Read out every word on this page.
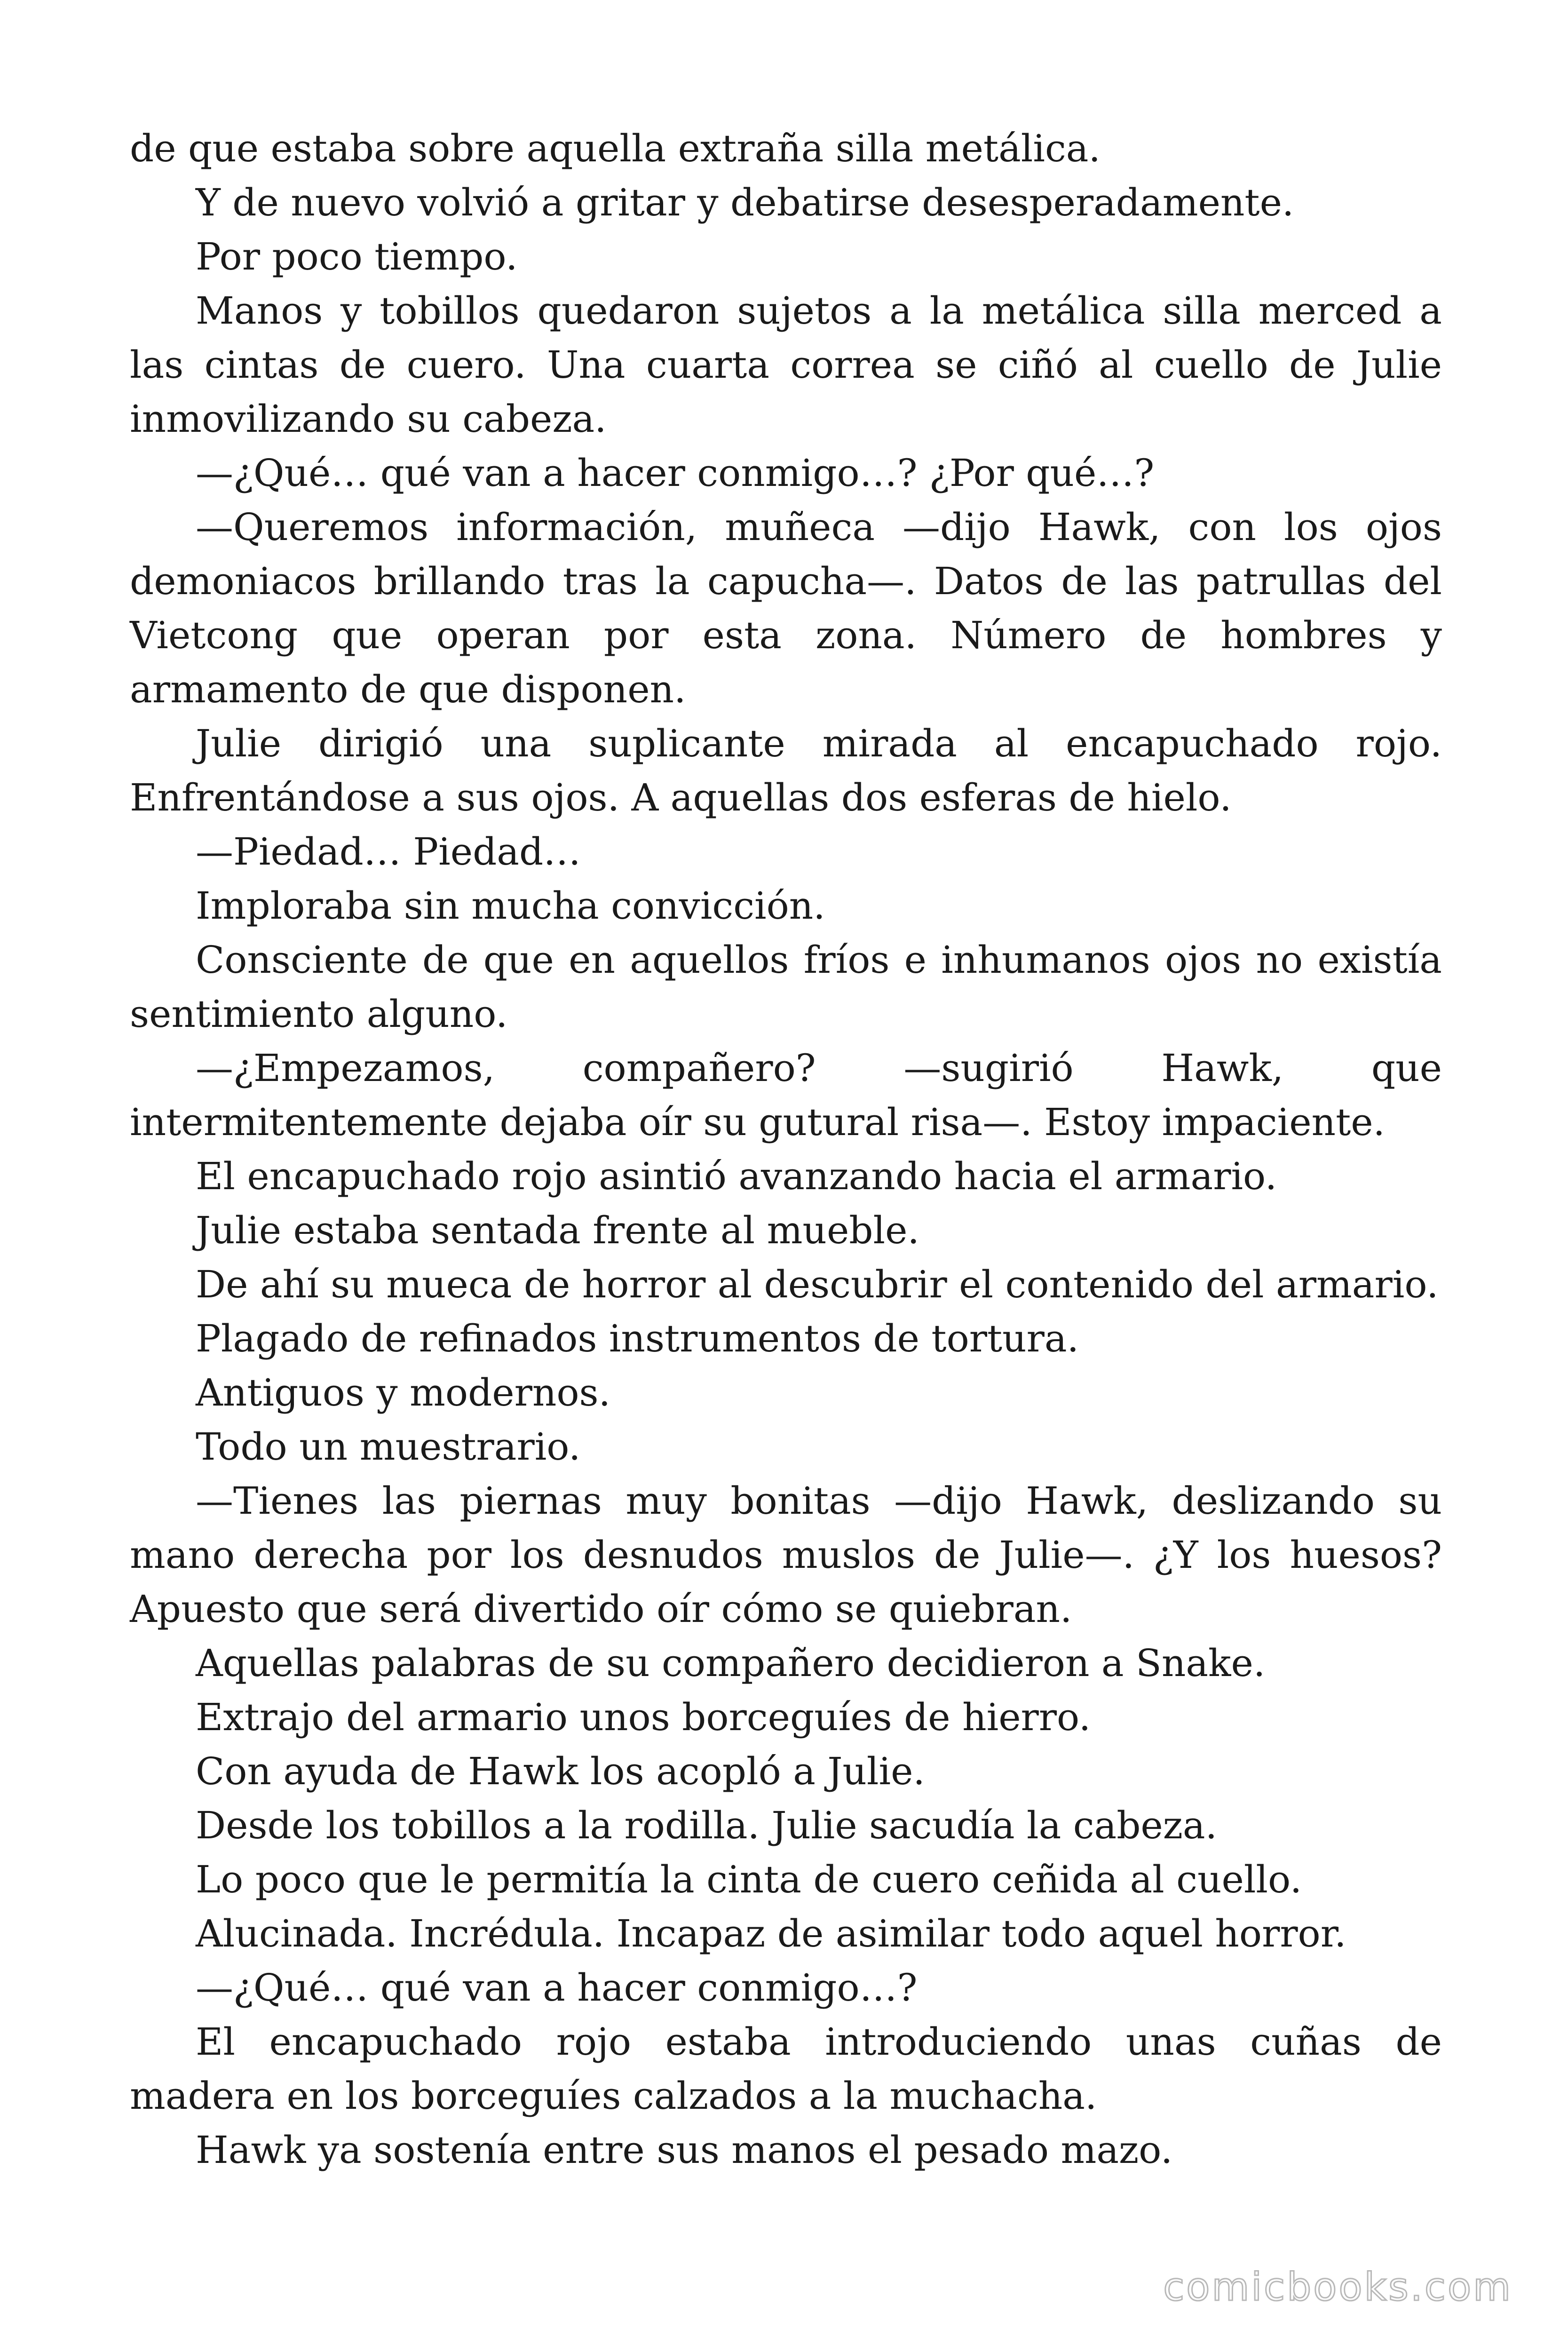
de que estaba sobre aquella extraña silla metálica.

Y de nuevo volvió a gritar y debatirse desesperadamente.

Por poco tiempo.

Manos y tobillos quedaron sujetos a la metálica silla merced a las cintas de cuero. Una cuarta correa se ciñó al cuello de Julie inmovilizando su cabeza.

—¿Qué… qué van a hacer conmigo…? ¿Por qué…?

—Queremos información, muñeca —dijo Hawk, con los ojos demoniacos brillando tras la capucha—. Datos de las patrullas del Vietcong que operan por esta zona. Número de hombres y armamento de que disponen.

Julie dirigió una suplicante mirada al encapuchado rojo. Enfrentándose a sus ojos. A aquellas dos esferas de hielo.

—Piedad… Piedad…

Imploraba sin mucha convicción.

Consciente de que en aquellos fríos e inhumanos ojos no existía sentimiento alguno.

—¿Empezamos, compañero? —sugirió Hawk, que intermitentemente dejaba oír su gutural risa—. Estoy impaciente.

El encapuchado rojo asintió avanzando hacia el armario.

Julie estaba sentada frente al mueble.

De ahí su mueca de horror al descubrir el contenido del armario.

Plagado de refinados instrumentos de tortura.

Antiguos y modernos.

Todo un muestrario.

—Tienes las piernas muy bonitas —dijo Hawk, deslizando su mano derecha por los desnudos muslos de Julie—. ¿Y los huesos? Apuesto que será divertido oír cómo se quiebran.

Aquellas palabras de su compañero decidieron a Snake.

Extrajo del armario unos borceguíes de hierro.

Con ayuda de Hawk los acopló a Julie.

Desde los tobillos a la rodilla. Julie sacudía la cabeza.

Lo poco que le permitía la cinta de cuero ceñida al cuello.

Alucinada. Incrédula. Incapaz de asimilar todo aquel horror.

—¿Qué… qué van a hacer conmigo…?

El encapuchado rojo estaba introduciendo unas cuñas de madera en los borceguíes calzados a la muchacha.

Hawk ya sostenía entre sus manos el pesado mazo.

comicbooks.com
